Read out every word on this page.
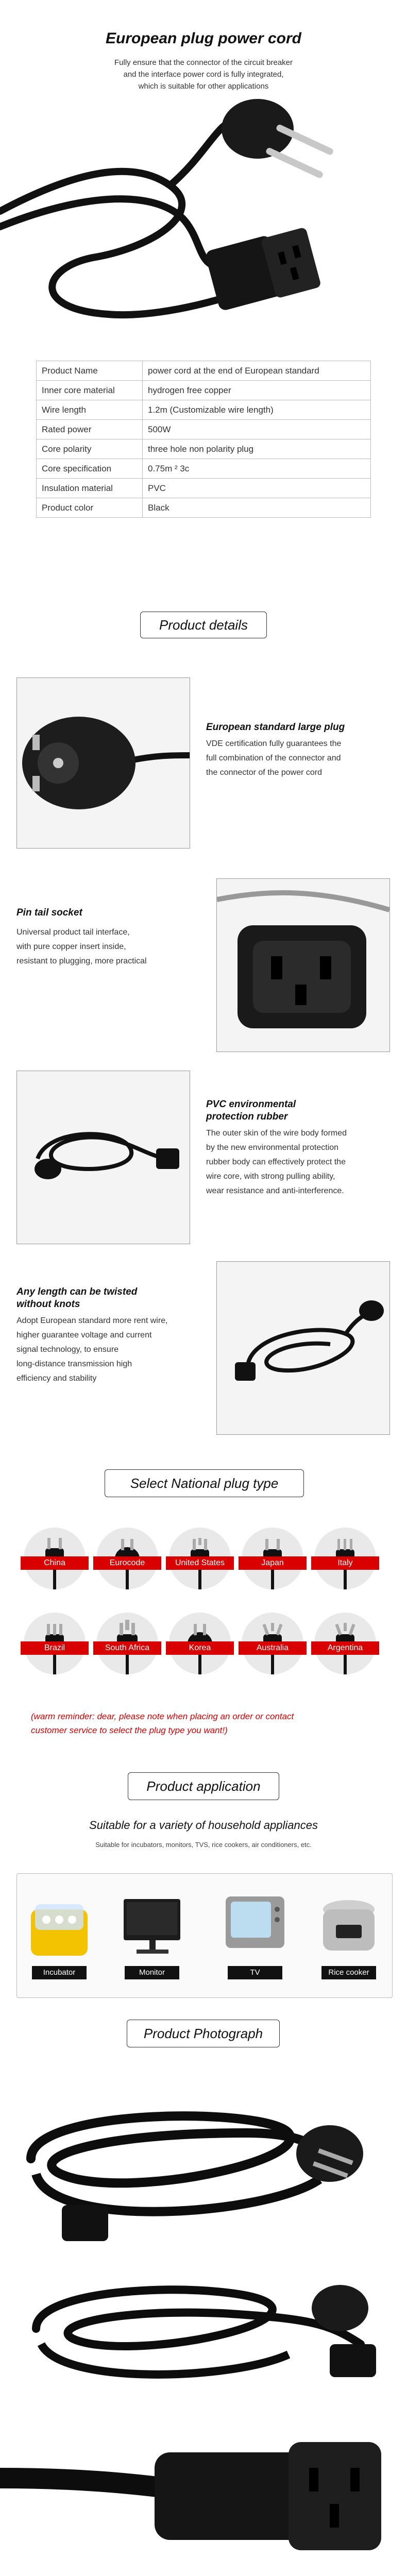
European plug power cord
Fully ensure that the connector of the circuit breaker
and the interface power cord is fully integrated,
which is suitable for other applications
Product Name	power cord at the end of European standard
Inner core material	hydrogen free copper
Wire length	1.2m (Customizable wire length)
Rated power	500W
Core polarity	three hole non polarity plug
Core specification	0.75m ² 3c
Insulation material	PVC
Product color	Black
Product details
European standard large plug
VDE certification fully guarantees the
full combination of the connector and
the connector of the power cord
Pin tail socket
Universal product tail interface,
with pure copper insert inside,
resistant to plugging, more practical
PVC environmental
protection rubber
The outer skin of the wire body formed
by the new environmental protection
rubber body can effectively protect the
wire core, with strong pulling ability,
wear resistance and anti-interference.
Any length can be twisted
without knots
Adopt European standard more rent wire,
higher guarantee voltage and current
signal technology, to ensure
long-distance transmission high
efficiency and stability
Select National plug type
China	Eurocode	United States	Japan	Italy
Brazil	South Africa	Korea	Australia	Argentina
(warm reminder: dear, please note when placing an order or contact
customer service to select the plug type you want!)
Product application
Suitable for a variety of household appliances
Suitable for incubators, monitors, TVS, rice cookers, air conditioners, etc.
Incubator	Monitor	TV	Rice cooker
Product Photograph
